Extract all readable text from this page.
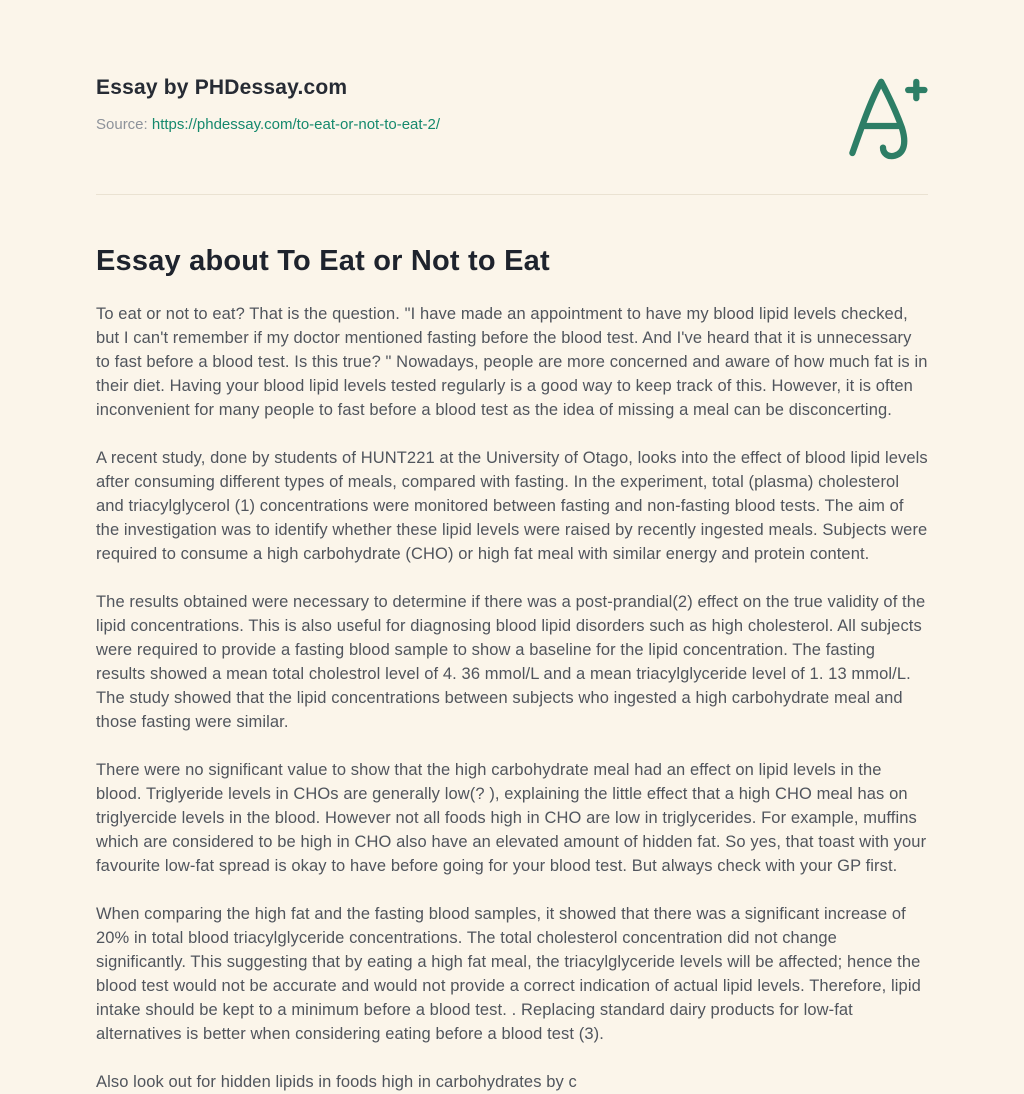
Essay by PHDessay.com

Source: https://phdessay.com/to-eat-or-not-to-eat-2/

Essay about To Eat or Not to Eat

To eat or not to eat? That is the question. "I have made an appointment to have my blood lipid levels checked, but I can't remember if my doctor mentioned fasting before the blood test. And I've heard that it is unnecessary to fast before a blood test. Is this true? " Nowadays, people are more concerned and aware of how much fat is in their diet. Having your blood lipid levels tested regularly is a good way to keep track of this. However, it is often inconvenient for many people to fast before a blood test as the idea of missing a meal can be disconcerting.

A recent study, done by students of HUNT221 at the University of Otago, looks into the effect of blood lipid levels after consuming different types of meals, compared with fasting. In the experiment, total (plasma) cholesterol and triacylglycerol (1) concentrations were monitored between fasting and non-fasting blood tests. The aim of the investigation was to identify whether these lipid levels were raised by recently ingested meals. Subjects were required to consume a high carbohydrate (CHO) or high fat meal with similar energy and protein content.

The results obtained were necessary to determine if there was a post-prandial(2) effect on the true validity of the lipid concentrations. This is also useful for diagnosing blood lipid disorders such as high cholesterol. All subjects were required to provide a fasting blood sample to show a baseline for the lipid concentration. The fasting results showed a mean total cholestrol level of 4. 36 mmol/L and a mean triacylglyceride level of 1. 13 mmol/L. The study showed that the lipid concentrations between subjects who ingested a high carbohydrate meal and those fasting were similar.

There were no significant value to show that the high carbohydrate meal had an effect on lipid levels in the blood. Triglyeride levels in CHOs are generally low(? ), explaining the little effect that a high CHO meal has on triglyercide levels in the blood. However not all foods high in CHO are low in triglycerides. For example, muffins which are considered to be high in CHO also have an elevated amount of hidden fat. So yes, that toast with your favourite low-fat spread is okay to have before going for your blood test. But always check with your GP first.

When comparing the high fat and the fasting blood samples, it showed that there was a significant increase of 20% in total blood triacylglyceride concentrations. The total cholesterol concentration did not change significantly. This suggesting that by eating a high fat meal, the triacylglyceride levels will be affected; hence the blood test would not be accurate and would not provide a correct indication of actual lipid levels. Therefore, lipid intake should be kept to a minimum before a blood test. . Replacing standard dairy products for low-fat alternatives is better when considering eating before a blood test (3).

Also look out for hidden lipids in foods high in carbohydrates by c
